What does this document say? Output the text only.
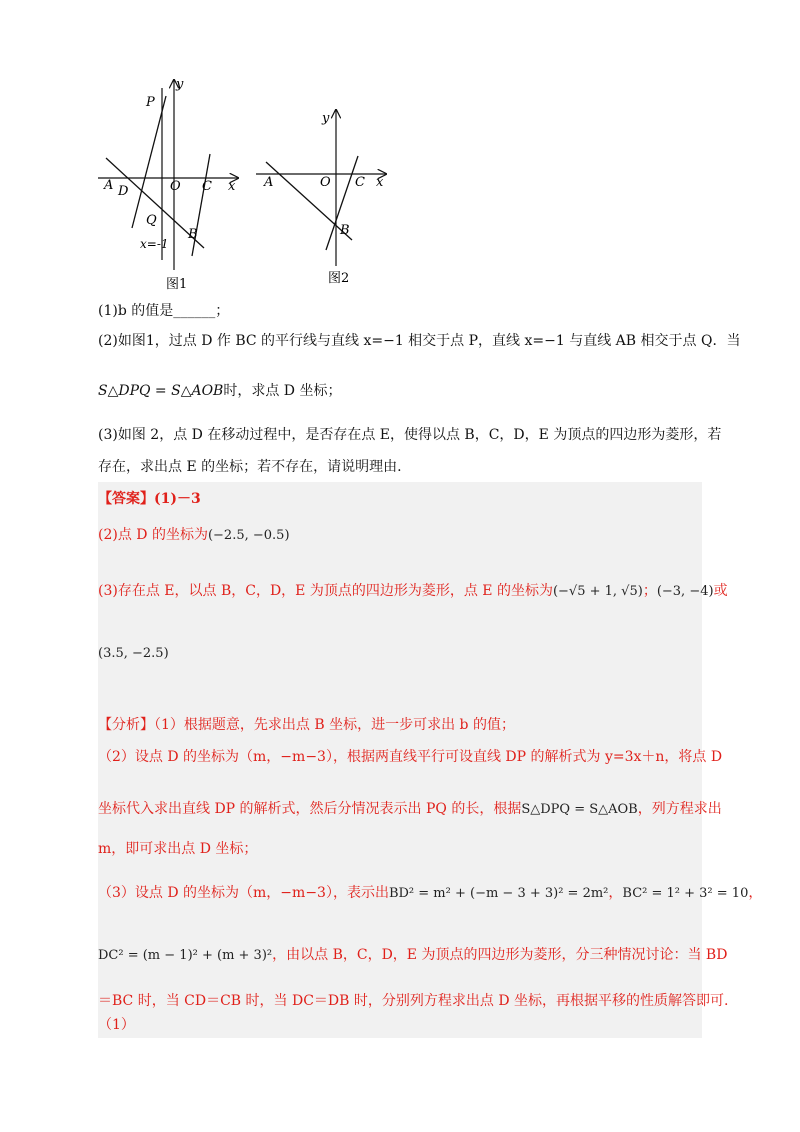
y
P
A D	O C x
Q
B
x=-1
图1
y
A	O C x
B
图2
(1)b 的值是______；
(2)如图1，过点 D 作 BC 的平行线与直线 x=−1 相交于点 P，直线 x=−1 与直线 AB 相交于点 Q．当
S△DPQ = S△AOB时，求点 D 坐标；
(3)如图 2，点 D 在移动过程中，是否存在点 E，使得以点 B，C，D，E 为顶点的四边形为菱形，若
存在，求出点 E 的坐标；若不存在，请说明理由.
【答案】(1)－3
(2)点 D 的坐标为(−2.5, −0.5)
(3)存在点 E，以点 B，C，D，E 为顶点的四边形为菱形，点 E 的坐标为(−√5 + 1, √5)；(−3, −4)或
(3.5, −2.5)
【分析】（1）根据题意，先求出点 B 坐标，进一步可求出 b 的值；
（2）设点 D 的坐标为（m，−m−3），根据两直线平行可设直线 DP 的解析式为 y=3x＋n，将点 D
坐标代入求出直线 DP 的解析式，然后分情况表示出 PQ 的长，根据S△DPQ = S△AOB，列方程求出
m，即可求出点 D 坐标；
（3）设点 D 的坐标为（m，−m−3），表示出BD² = m² + (−m − 3 + 3)² = 2m²，BC² = 1² + 3² = 10，
DC² = (m − 1)² + (m + 3)²，由以点 B，C，D，E 为顶点的四边形为菱形，分三种情况讨论：当 BD
＝BC 时，当 CD＝CB 时，当 DC＝DB 时，分别列方程求出点 D 坐标，再根据平移的性质解答即可.
（1）
